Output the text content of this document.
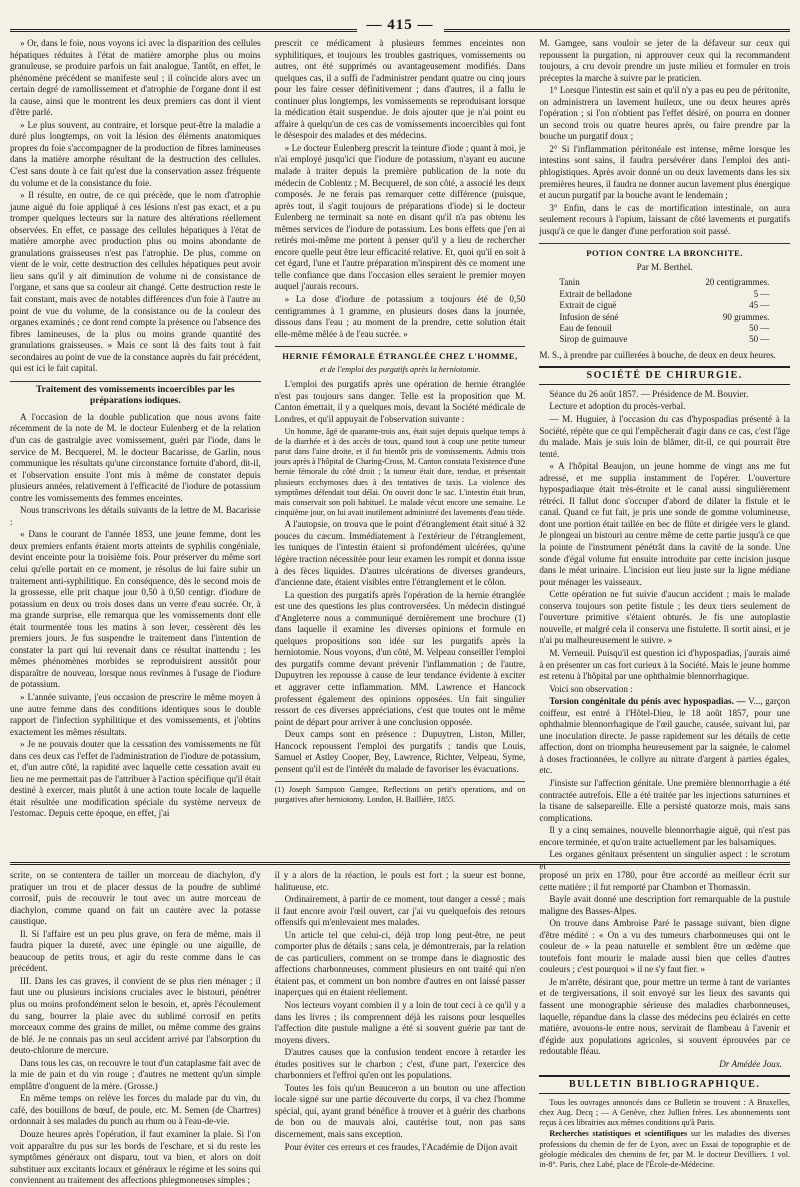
— 415 —

» Or, dans le foie, nous voyons ici avec la disparition des cellules hépatiques réduites à l'état de matière amorphe plus ou moins granuleuse, se produire parfois un fait analogue. Tantôt, en effet, le phénomène précédent se manifeste seul ; il coïncide alors avec un certain degré de ramollissement et d'atrophie de l'organe dont il est la cause, ainsi que le montrent les deux premiers cas dont il vient d'être parlé.

» Le plus souvent, au contraire, et lorsque peut-être la maladie a duré plus longtemps, on voit la lésion des éléments anatomiques propres du foie s'accompagner de la production de fibres lamineuses dans la matière amorphe résultant de la destruction des cellules. C'est sans doute à ce fait qu'est due la conservation assez fréquente du volume et de la consistance du foie.

» Il résulte, en outre, de ce qui précède, que le nom d'atrophie jaune aiguë du foie appliqué à ces lésions n'est pas exact, et a pu tromper quelques lecteurs sur la nature des altérations réellement observées. En effet, ce passage des cellules hépatiques à l'état de matière amorphe avec production plus ou moins abondante de granulations graisseuses n'est pas l'atrophie. De plus, comme on vient de le voir, cette destruction des cellules hépatiques peut avoir lieu sans qu'il y ait diminution de volume ni de consistance de l'organe, et sans que sa couleur ait changé. Cette destruction reste le fait constant, mais avec de notables différences d'un foie à l'autre au point de vue du volume, de la consistance ou de la couleur des organes examinés ; ce dont rend compte la présence ou l'absence des fibres lamineuses, de la plus ou moins grande quantité des granulations graisseuses. » Mais ce sont là des faits tout à fait secondaires au point de vue de la constance auprès du fait précédent, qui est ici le fait capital.

Traitement des vomissements incoercibles par les préparations iodiques.

A l'occasion de la double publication que nous avons faite récemment de la note de M. le docteur Eulenberg et de la relation d'un cas de gastralgie avec vomissement, guéri par l'iode, dans le service de M. Becquerel, M. le docteur Bacarisse, de Garlin, nous communique les résultats qu'une circonstance fortuite d'abord, dit-il, et l'observation ensuite l'ont mis à même de constater depuis plusieurs années, relativement à l'efficacité de l'iodure de potassium contre les vomissements des femmes enceintes.

Nous transcrivons les détails suivants de la lettre de M. Bacarisse :

« Dans le courant de l'année 1853, une jeune femme, dont les deux premiers enfants étaient morts atteints de syphilis congéniale, devint enceinte pour la troisième fois. Pour préserver du même sort celui qu'elle portait en ce moment, je résolus de lui faire subir un traitement anti-syphilitique. En conséquence, dès le second mois de la grossesse, elle prit chaque jour 0,50 à 0,50 centigr. d'iodure de potassium en deux ou trois doses dans un verre d'eau sucrée. Or, à ma grande surprise, elle remarqua que les vomissements dont elle était tourmentée tous les matins à son lever, cessèrent dès les premiers jours. Je fus suspendre le traitement dans l'intention de constater la part qui lui revenait dans ce résultat inattendu ; les mêmes phénomènes morbides se reproduisirent aussitôt pour disparaître de nouveau, lorsque nous revînmes à l'usage de l'iodure de potassium.

» L'année suivante, j'eus occasion de prescrire le même moyen à une autre femme dans des conditions identiques sous le double rapport de l'infection syphilitique et des vomissements, et j'obtins exactement les mêmes résultats.

» Je ne pouvais douter que la cessation des vomissements ne fût dans ces deux cas l'effet de l'administration de l'iodure de potassium, et, d'un autre côté, la rapidité avec laquelle cette cessation avait eu lieu ne me permettait pas de l'attribuer à l'action spécifique qu'il était destiné à exercer, mais plutôt à une action toute locale de laquelle était résultée une modification spéciale du système nerveux de l'estomac. Depuis cette époque, en effet, j'ai

prescrit ce médicament à plusieurs femmes enceintes non syphilitiques, et toujours les troubles gastriques, vomissements ou autres, ont été supprimés ou avantageusement modifiés. Dans quelques cas, il a suffi de l'administrer pendant quatre ou cinq jours pour les faire cesser définitivement ; dans d'autres, il a fallu le continuer plus longtemps, les vomissements se reproduisant lorsque la médication était suspendue. Je dois ajouter que je n'ai point eu affaire à quelqu'un de ces cas de vomissements incoercibles qui font le désespoir des malades et des médecins.

» Le docteur Eulenberg prescrit la teinture d'iode ; quant à moi, je n'ai employé jusqu'ici que l'iodure de potassium, n'ayant eu aucune malade à traiter depuis la première publication de la note du médecin de Coblentz ; M. Becquerel, de son côté, a associé les deux composés. Je ne ferais pas remarquer cette différence (puisque, après tout, il s'agit toujours de préparations d'iode) si le docteur Eulenberg ne terminait sa note en disant qu'il n'a pas obtenu les mêmes services de l'iodure de potassium. Les bons effets que j'en ai retirés moi-même me portent à penser qu'il y a lieu de rechercher encore quelle peut être leur efficacité relative. Et, quoi qu'il en soit à cet égard, l'une et l'autre préparation m'inspirent dès ce moment une telle confiance que dans l'occasion elles seraient le premier moyen auquel j'aurais recours.

» La dose d'iodure de potassium a toujours été de 0,50 centigrammes à 1 gramme, en plusieurs doses dans la journée, dissous dans l'eau ; au moment de la prendre, cette solution était elle-même mêlée à de l'eau sucrée. »

HERNIE FÉMORALE ÉTRANGLÉE CHEZ L'HOMME,
et de l'emploi des purgatifs après la herniotomie.

L'emploi des purgatifs après une opération de hernie étranglée n'est pas toujours sans danger. Telle est la proposition que M. Canton émettait, il y a quelques mois, devant la Société médicale de Londres, et qu'il appuyait de l'observation suivante :

Un homme, âgé de quarante-trois ans, était sujet depuis quelque temps à de la diarrhée et à des accès de toux, quand tout à coup une petite tumeur parut dans l'aine droite, et il fut bientôt pris de vomissements. Admis trois jours après à l'hôpital de Charing-Cross, M. Canton constata l'existence d'une hernie fémorale du côté droit ; la tumeur était dure, tendue, et présentait plusieurs ecchymoses dues à des tentatives de taxis. La violence des symptômes défendait tout délai. On ouvrit donc le sac. L'intestin était brun, mais conservait son poli habituel. Le malade vécut encore une semaine. Le cinquième jour, on lui avait inutilement administré des lavements d'eau tiède.

A l'autopsie, on trouva que le point d'étranglement était situé à 32 pouces du cæcum. Immédiatement à l'extérieur de l'étranglement, les tuniques de l'intestin étaient si profondément ulcérées, qu'une légère traction nécessitée pour leur examen les rompit et donna issue à des fèces liquides. D'autres ulcérations de diverses grandeurs, d'ancienne date, étaient visibles entre l'étranglement et le côlon.

La question des purgatifs après l'opération de la hernie étranglée est une des questions les plus controversées. Un médecin distingué d'Angleterre nous a communiqué dernièrement une brochure (1) dans laquelle il examine les diverses opinions et formule en quelques propositions son idée sur les purgatifs après la herniotomie. Nous voyons, d'un côté, M. Velpeau conseiller l'emploi des purgatifs comme devant prévenir l'inflammation ; de l'autre, Dupuytren les repousse à cause de leur tendance évidente à exciter et aggraver cette inflammation. MM. Lawrence et Hancock professent également des opinions opposées. Un fait singulier ressort de ces diverses appréciations, c'est que toutes ont le même point de départ pour arriver à une conclusion opposée.

Deux camps sont en présence : Dupuytren, Liston, Miller, Hancock repoussent l'emploi des purgatifs ; tandis que Louis, Samuel et Astley Cooper, Bey, Lawrence, Richter, Velpeau, Syme, pensent qu'il est de l'intérêt du malade de favoriser les évacuations.

(1) Joseph Sampson Gamgee, Reflections on petit's operations, and on purgatives after herniotomy. London, H. Baillière, 1855.

M. Gamgee, sans vouloir se jeter de la défaveur sur ceux qui repoussent la purgation, ni approuver ceux qui la recommandent toujours, a cru devoir prendre un juste milieu et formuler en trois préceptes la marche à suivre par le praticien.

1° Lorsque l'intestin est sain et qu'il n'y a pas eu peu de péritonite, on administrera un lavement huileux, une ou deux heures après l'opération ; si l'on n'obtient pas l'effet désiré, on pourra en donner un second trois ou quatre heures après, ou faire prendre par la bouche un purgatif doux ;

2° Si l'inflammation péritonéale est intense, même lorsque les intestins sont sains, il faudra persévérer dans l'emploi des anti-phlogistiques. Après avoir donné un ou deux lavements dans les six premières heures, il faudra ne donner aucun lavement plus énergique et aucun purgatif par la bouche avant le lendemain ;

3° Enfin, dans le cas de mortification intestinale, on aura seulement recours à l'opium, laissant de côté lavements et purgatifs jusqu'à ce que le danger d'une perforation soit passé.

POTION CONTRE LA BRONCHITE.
Par M. Berthel.
Tanin	20 centigrammes.
Extrait de belladone	5 —
Extrait de ciguë	45 —
Infusion de séné	90 grammes.
Eau de fenouil	50 —
Sirop de guimauve	50 —

M. S., à prendre par cuillerées à bouche, de deux en deux heures.

SOCIÉTÉ DE CHIRURGIE.

Séance du 26 août 1857. — Présidence de M. Bouvier.

Lecture et adoption du procès-verbal.

— M. Huguier, à l'occasion du cas d'hypospadias présenté à la Société, répète que ce qui l'empêcherait d'agir dans ce cas, c'est l'âge du malade. Mais je suis loin de blâmer, dit-il, ce qui pourrait être tenté.

« A l'hôpital Beaujon, un jeune homme de vingt ans me fut adressé, et me supplia instamment de l'opérer. L'ouverture hypospadiaque était très-étroite et le canal aussi singulièrement rétréci. Il fallut donc s'occuper d'abord de dilater la fistule et le canal. Quand ce fut fait, je pris une sonde de gomme volumineuse, dont une portion était taillée en bec de flûte et dirigée vers le gland. Je plongeai un bistouri au centre même de cette partie jusqu'à ce que la pointe de l'instrument pénétrât dans la cavité de la sonde. Une sonde d'égal volume fut ensuite introduite par cette incision jusque dans le méat urinaire. L'incision eut lieu juste sur la ligne médiane pour ménager les vaisseaux.

Cette opération ne fut suivie d'aucun accident ; mais le malade conserva toujours son petite fistule ; les deux tiers seulement de l'ouverture primitive s'étaient obturés. Je fis une autoplastie nouvelle, et malgré cela il conserva une fistulette. Il sortit ainsi, et je n'ai pu malheureusement le suivre. »

M. Verneuil. Puisqu'il est question ici d'hypospadias, j'aurais aimé à en présenter un cas fort curieux à la Société. Mais le jeune homme est retenu à l'hôpital par une ophthalmie blennorrhagique.

Voici son observation :

Torsion congénitale du pénis avec hypospadias. — V..., garçon coiffeur, est entré à l'Hôtel-Dieu, le 18 août 1857, pour une ophthalmie blennorrhagique de l'œil gauche, causée, suivant lui, par une inoculation directe. Je passe rapidement sur les détails de cette affection, dont on triompha heureusement par la saignée, le calomel à doses fractionnées, le collyre au nitrate d'argent à parties égales, etc.

J'insiste sur l'affection génitale. Une première blennorrhagie a été contractée autrefois. Elle a été traitée par les injections saturnines et la tisane de salsepareille. Elle a persisté quatorze mois, mais sans complications.

Il y a cinq semaines, nouvelle blennorrhagie aiguë, qui n'est pas encore terminée, et qu'on traite actuellement par les balsamiques.

Les organes génitaux présentent un singulier aspect : le scrotum et

scrite, on se contentera de tailler un morceau de diachylon, d'y pratiquer un trou et de placer dessus de la poudre de sublimé corrosif, puis de recouvrir le tout avec un autre morceau de diachylon, comme quand on fait un cautère avec la potasse caustique.

Il. Si l'affaire est un peu plus grave, on fera de même, mais il faudra piquer la dureté, avec une épingle ou une aiguille, de beaucoup de petits trous, et agir du reste comme dans le cas précédent.

III. Dans les cas graves, il convient de se plus rien ménager ; il faut une ou plusieurs incisions cruciales avec le bistouri, pénétrer plus ou moins profondément selon le besoin, et, après l'écoulement du sang, bourrer la plaie avec du sublimé corrosif en petits morceaux comme des grains de millet, ou même comme des grains de blé. Je ne connais pas un seul accident arrivé par l'absorption du deuto-chlorure de mercure.

Dans tous les cas, on recouvre le tout d'un cataplasme fait avec de la mie de pain et du vin rouge ; d'autres ne mettent qu'un simple emplâtre d'onguent de la mère. (Grosse.)

En même temps on relève les forces du malade par du vin, du café, des bouillons de bœuf, de poule, etc. M. Semen (de Chartres) ordonnait à ses malades du punch au rhum ou à l'eau-de-vie.

Douze heures après l'opération, il faut examiner la plaie. Si l'on voit apparaître du pus sur les bords de l'eschare, et si du reste les symptômes généraux ont disparu, tout va bien, et alors on doit substituer aux excitants locaux et généraux le régime et les soins qui conviennent au traitement des affections phlegmoneuses simples ;

il y a alors de la réaction, le pouls est fort ; la sueur est bonne, halitueuse, etc.

Ordinairement, à partir de ce moment, tout danger a cessé ; mais il faut encore avoir l'œil ouvert, car j'ai vu quelquefois des retours offensifs qui m'enlevaient mes malades.

Un article tel que celui-ci, déjà trop long peut-être, ne peut comporter plus de détails ; sans cela, je démontrerais, par la relation de cas particuliers, comment on se trompe dans le diagnostic des affections charbonneuses, comment plusieurs en ont traité qui n'en étaient pas, et comment un bon nombre d'autres en ont laissé passer inaperçues qui en étaient réellement.

Nos lecteurs voyant combien il y a loin de tout ceci à ce qu'il y a dans les livres ; ils comprennent déjà les raisons pour lesquelles l'affection dite pustule maligne a été si souvent guérie par tant de moyens divers.

D'autres causes que la confusion tendent encore à retarder les études positives sur le charbon ; c'est, d'une part, l'exercice des charbonniers et l'effroi qu'en ont les populations.

Toutes les fois qu'un Beauceron a un bouton ou une affection locale signé sur une partie découverte du corps, il va chez l'homme spécial, qui, ayant grand bénéfice à trouver et à guérir des charbons de bon ou de mauvais aloi, cautérise tout, non pas sans discernement, mais sans exception.

Pour éviter ces erreurs et ces fraudes, l'Académie de Dijon avait

proposé un prix en 1780, pour être accordé au meilleur écrit sur cette matière ; il fut remporté par Chambon et Thomassin.

Bayle avait donné une description fort remarquable de la pustule maligne des Basses-Alpes.

On trouve dans Ambroise Paré le passage suivant, bien digne d'être médité : « On a vu des tumeurs charbonneuses qui ont le couleur de » la peau naturelle et semblent être un œdème que toutefois font mourir le malade aussi bien que celles d'autres couleurs ; c'est pourquoi » il ne s'y faut fier. »

Je m'arrête, désirant que, pour mettre un terme à tant de variantes et de tergiversations, il soit envoyé sur les lieux des savants qui fassent une monographie sérieuse des maladies charbonneuses, laquelle, répandue dans la classe des médecins peu éclairés en cette matière, avouons-le entre nous, servirait de flambeau à l'avenir et d'égide aux populations agricoles, si souvent éprouvées par ce redoutable fléau.

Dr Amédée Joux.
BULLETIN BIBLIOGRAPHIQUE.

Tous les ouvrages annoncés dans ce Bulletin se trouvent : A Bruxelles, chez Aug. Decq ; — A Genève, chez Jullien frères. Les abonnements sont reçus à ces librairies aux mêmes conditions qu'à Paris.

Recherches statistiques et scientifiques sur les maladies des diverses professions du chemin de fer de Lyon, avec un Essai de topographie et de géologie médicales des chemins de fer, par M. le docteur Devilliers. 1 vol. in-8°. Paris, chez Labé, place de l'École-de-Médecine.
